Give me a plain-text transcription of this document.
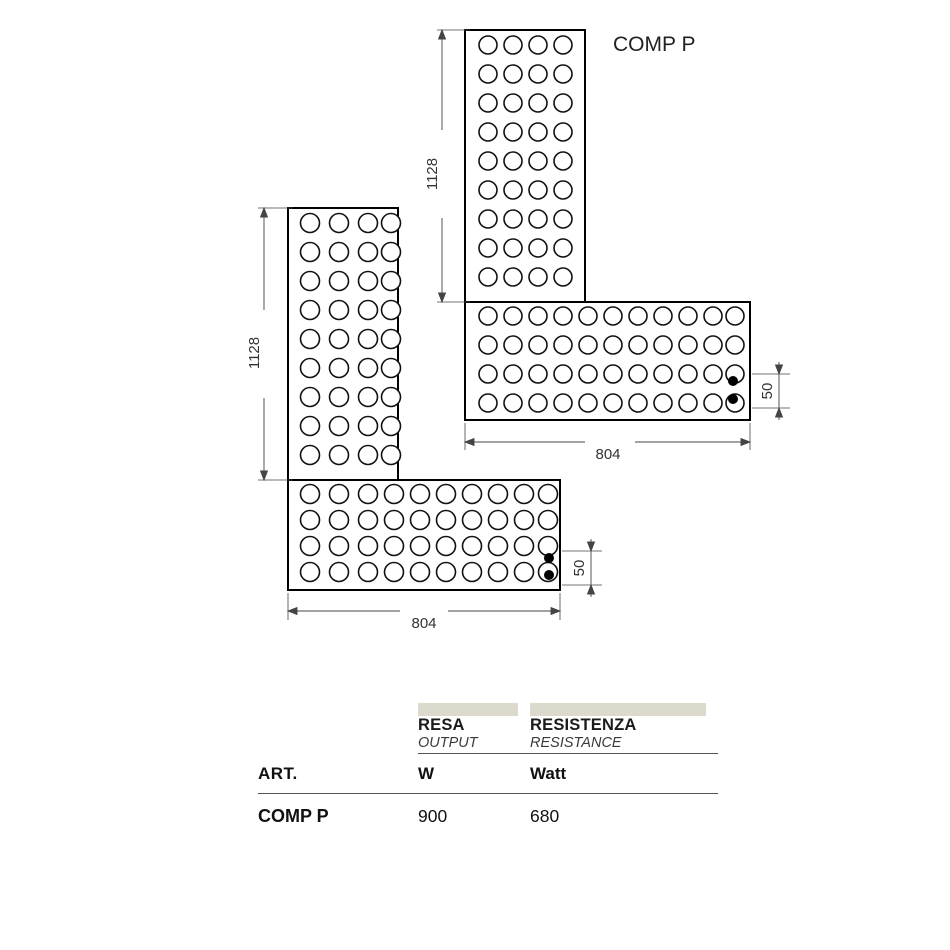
1128
804
50
COMP P
1128
804
50

RESA
OUTPUT

RESISTENZA
RESISTANCE

ART.	W	Watt

COMP P	900	680
